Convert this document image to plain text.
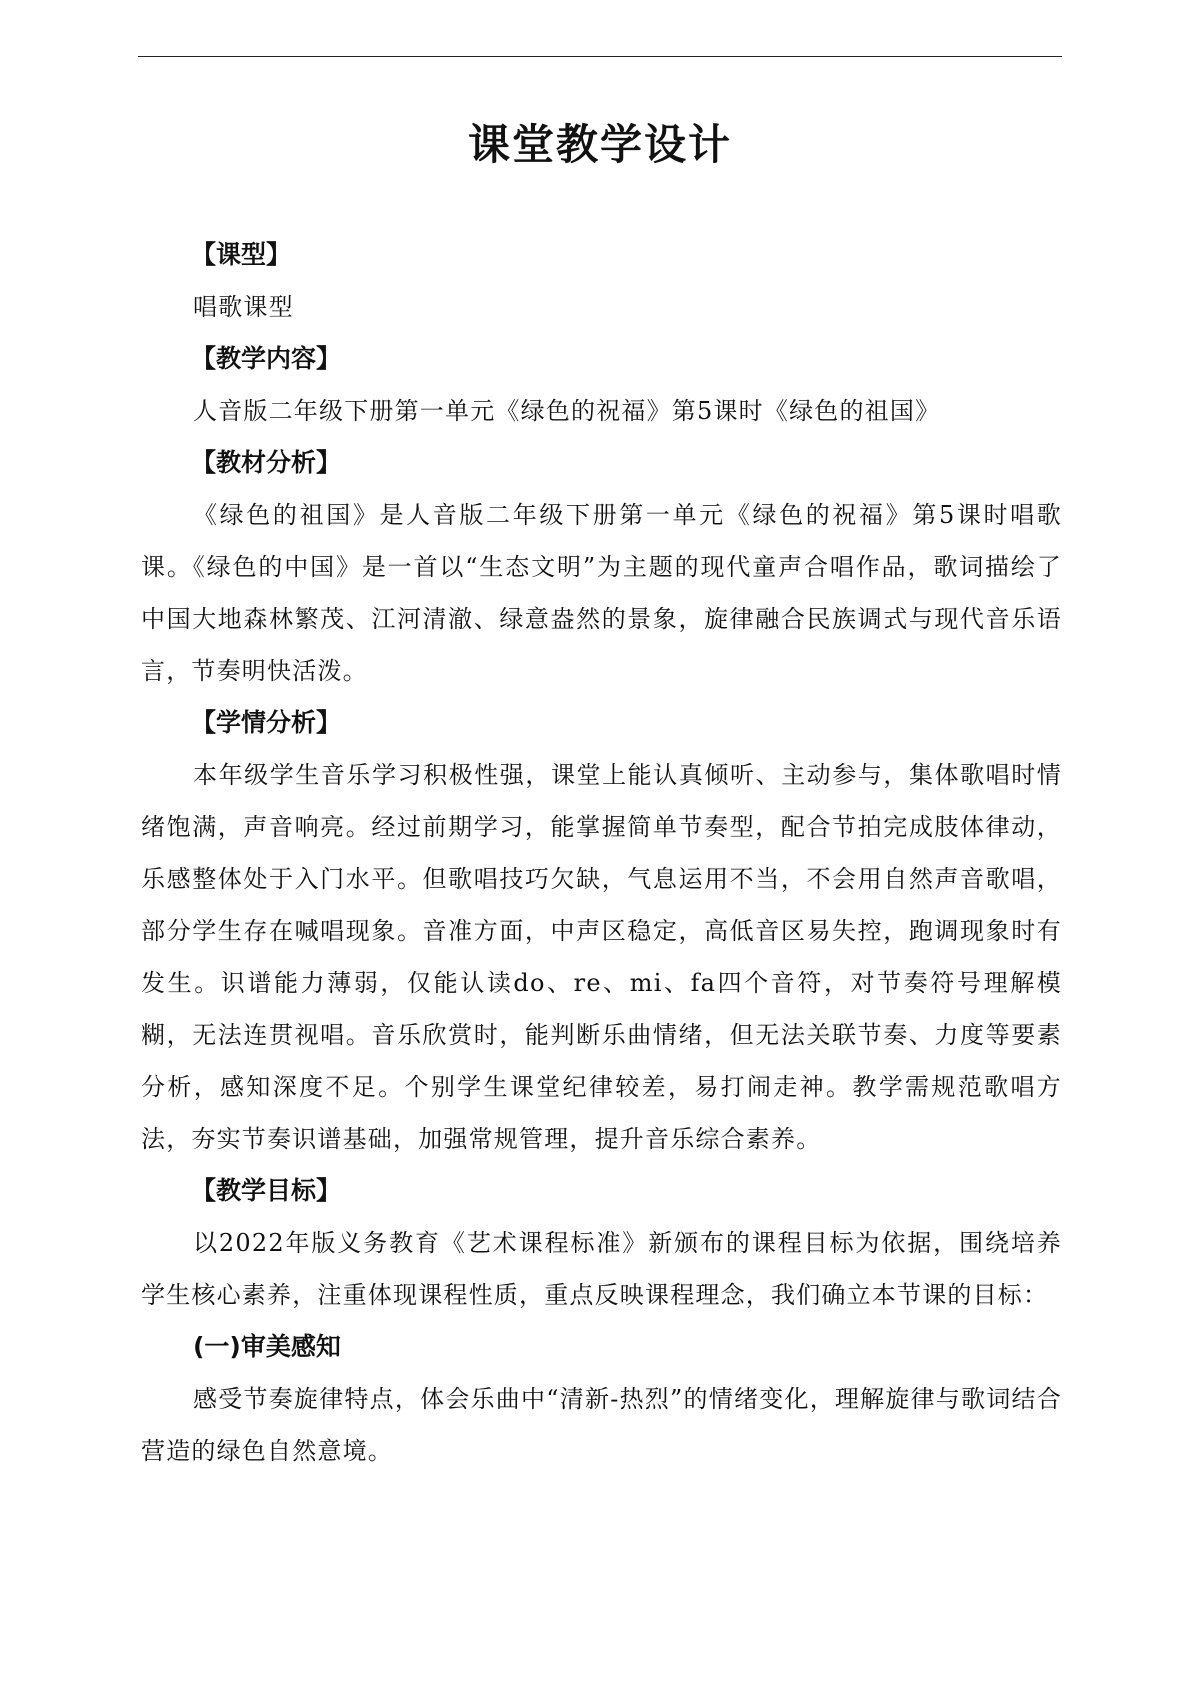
课堂教学设计

【课型】

唱歌课型

【教学内容】

人音版二年级下册第一单元《绿色的祝福》第5课时《绿色的祖国》

【教材分析】

《绿色的祖国》是人音版二年级下册第一单元《绿色的祝福》第5课时唱歌课。《绿色的中国》是一首以“生态文明”为主题的现代童声合唱作品，歌词描绘了中国大地森林繁茂、江河清澈、绿意盎然的景象，旋律融合民族调式与现代音乐语言，节奏明快活泼。

【学情分析】

本年级学生音乐学习积极性强，课堂上能认真倾听、主动参与，集体歌唱时情绪饱满，声音响亮。经过前期学习，能掌握简单节奏型，配合节拍完成肢体律动，乐感整体处于入门水平。但歌唱技巧欠缺，气息运用不当，不会用自然声音歌唱，部分学生存在喊唱现象。音准方面，中声区稳定，高低音区易失控，跑调现象时有发生。识谱能力薄弱，仅能认读do、re、mi、fa四个音符，对节奏符号理解模糊，无法连贯视唱。音乐欣赏时，能判断乐曲情绪，但无法关联节奏、力度等要素分析，感知深度不足。个别学生课堂纪律较差，易打闹走神。教学需规范歌唱方法，夯实节奏识谱基础，加强常规管理，提升音乐综合素养。

【教学目标】

以2022年版义务教育《艺术课程标准》新颁布的课程目标为依据，围绕培养学生核心素养，注重体现课程性质，重点反映课程理念，我们确立本节课的目标：

(一)审美感知

感受节奏旋律特点，体会乐曲中“清新-热烈”的情绪变化，理解旋律与歌词结合营造的绿色自然意境。
